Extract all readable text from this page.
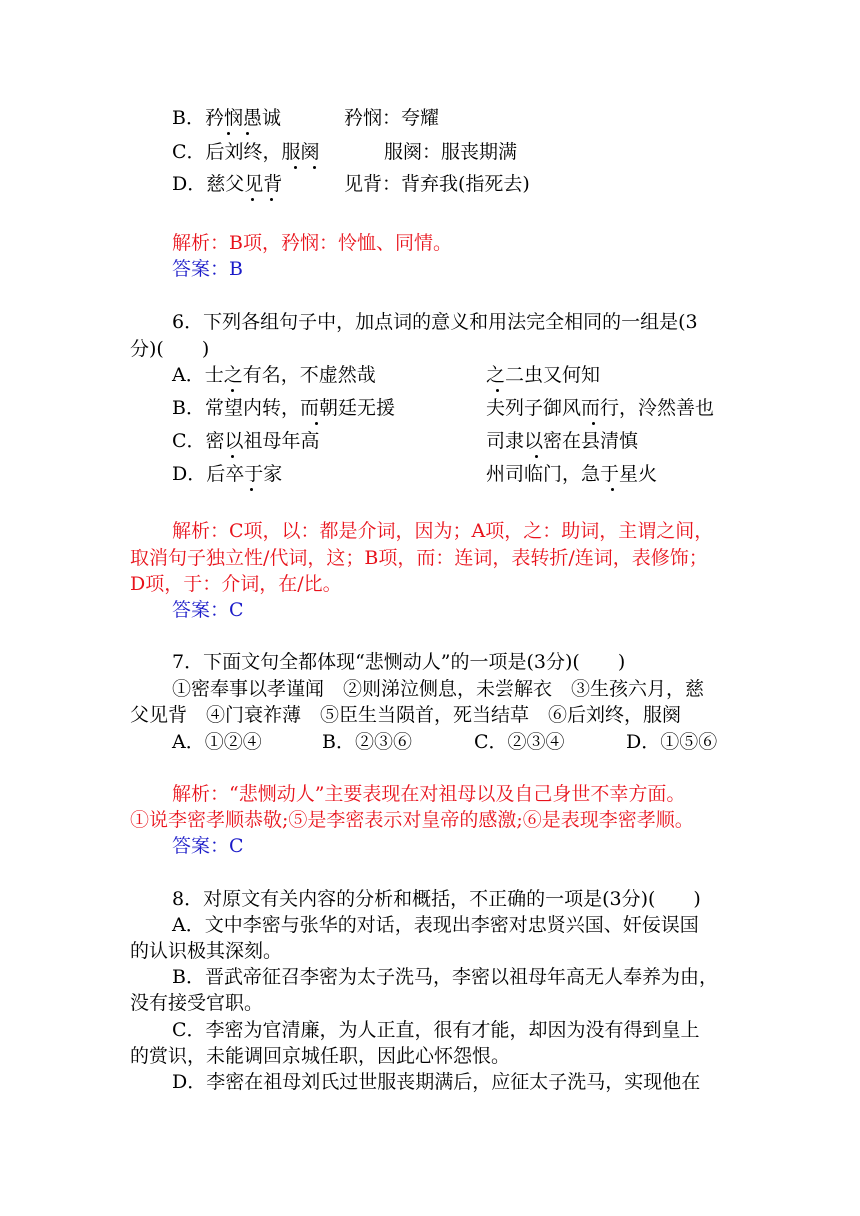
B．矜悯愚诚	矜悯：夸耀
C．后刘终，服阕	服阕：服丧期满
D．慈父见背	见背：背弃我(指死去)
解析：B项，矜悯：怜恤、同情。
答案：B
6．下列各组句子中，加点词的意义和用法完全相同的一组是(3
分)(　　)
A．士之有名，不虚然哉	之二虫又何知
B．常望内转，而朝廷无援	夫列子御风而行，泠然善也
C．密以祖母年高	司隶以密在县清慎
D．后卒于家	州司临门，急于星火
解析：C项，以：都是介词，因为；A项，之：助词，主谓之间，
取消句子独立性/代词，这；B项，而：连词，表转折/连词，表修饰；
D项，于：介词，在/比。
答案：C
7．下面文句全都体现“悲恻动人”的一项是(3分)(　　)
①密奉事以孝谨闻　②则涕泣侧息，未尝解衣　③生孩六月，慈
父见背　④门衰祚薄　⑤臣生当陨首，死当结草　⑥后刘终，服阕
A．①②④	B．②③⑥	C．②③④	D．①⑤⑥
解析：“悲恻动人”主要表现在对祖母以及自己身世不幸方面。
①说李密孝顺恭敬;⑤是李密表示对皇帝的感激;⑥是表现李密孝顺。
答案：C
8．对原文有关内容的分析和概括，不正确的一项是(3分)(　　)
A．文中李密与张华的对话，表现出李密对忠贤兴国、奸佞误国
的认识极其深刻。
B．晋武帝征召李密为太子洗马，李密以祖母年高无人奉养为由，
没有接受官职。
C．李密为官清廉，为人正直，很有才能，却因为没有得到皇上
的赏识，未能调回京城任职，因此心怀怨恨。
D．李密在祖母刘氏过世服丧期满后，应征太子洗马，实现他在
